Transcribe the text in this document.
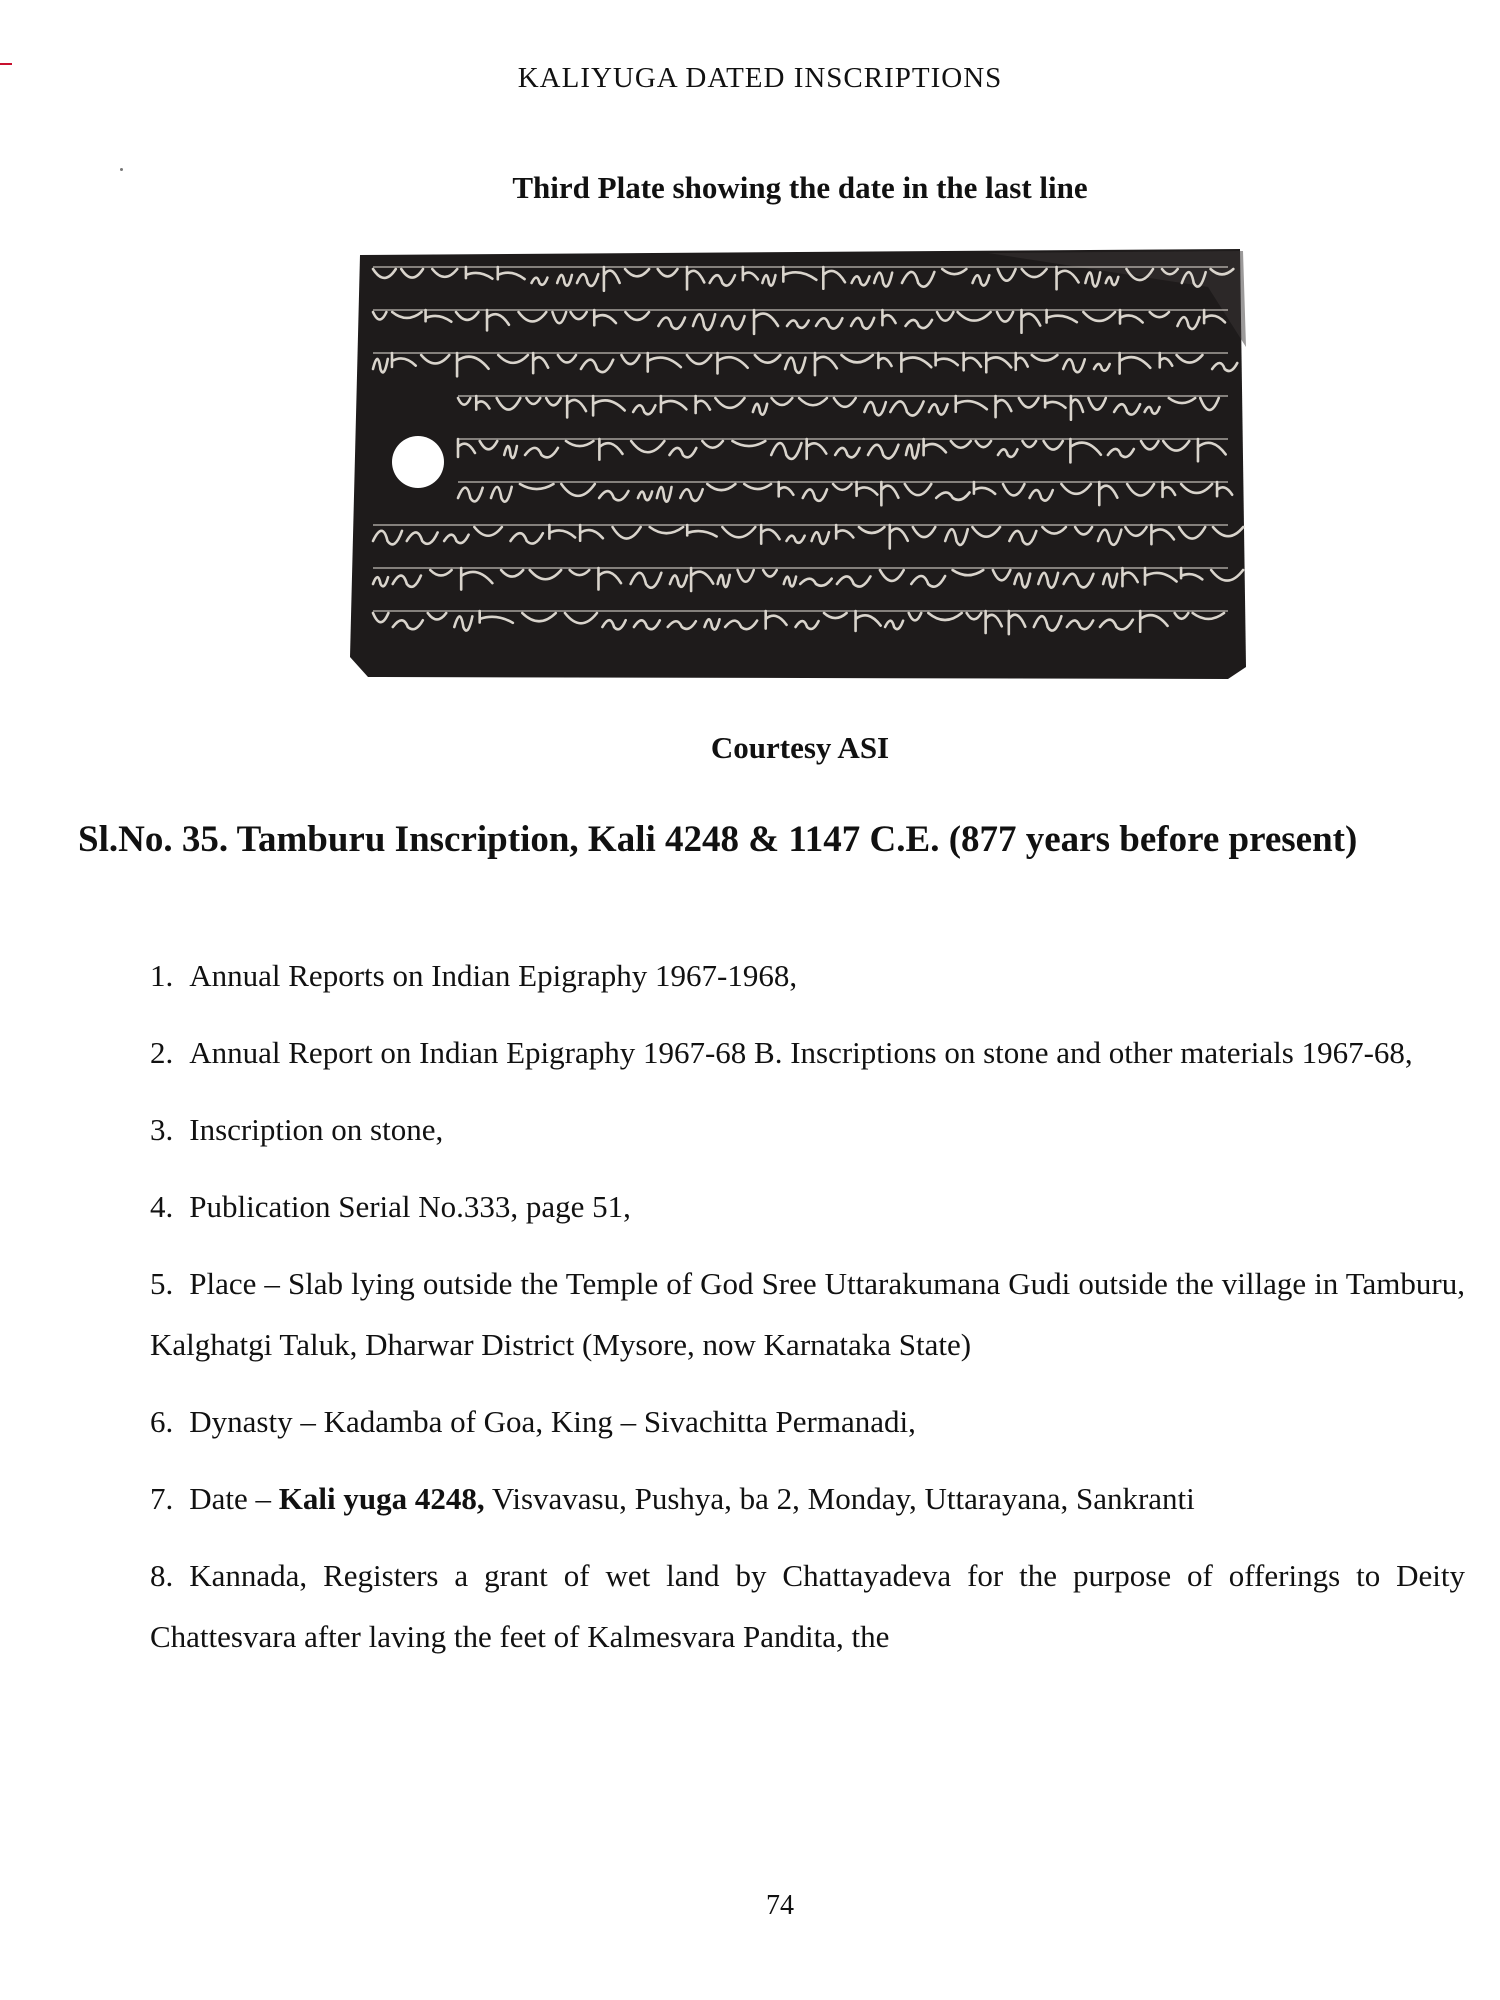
KALIYUGA DATED INSCRIPTIONS
Third Plate showing the date in the last line
Courtesy ASI
Sl.No. 35. Tamburu Inscription, Kali 4248 & 1147 C.E. (877 years before present)
1. Annual Reports on Indian Epigraphy 1967-1968,
2. Annual Report on Indian Epigraphy 1967-68 B. Inscriptions on stone and other materials 1967-68,
3. Inscription on stone,
4. Publication Serial No.333, page 51,
5. Place – Slab lying outside the Temple of God Sree Uttarakumana Gudi outside the village in Tamburu, Kalghatgi Taluk, Dharwar District (Mysore, now Karnataka State)
6. Dynasty – Kadamba of Goa, King – Sivachitta Permanadi,
7. Date – Kali yuga 4248, Visvavasu, Pushya, ba 2, Monday, Uttarayana, Sankranti
8. Kannada, Registers a grant of wet land by Chattayadeva for the purpose of offerings to Deity Chattesvara after laving the feet of Kalmesvara Pandita, the
74
